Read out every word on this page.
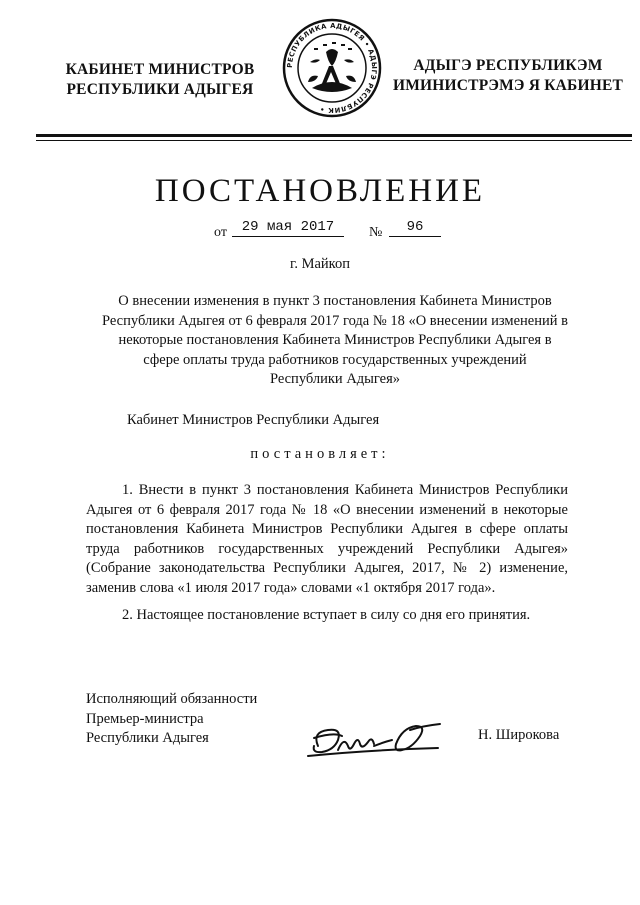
КАБИНЕТ МИНИСТРОВ
РЕСПУБЛИКИ АДЫГЕЯ
РЕСПУБЛИКА АДЫГЕЯ • АДЫГЭ РЕСПУБЛИК •
АДЫГЭ РЕСПУБЛИКЭМ
ИМИНИСТРЭМЭ Я КАБИНЕТ
ПОСТАНОВЛЕНИЕ
от	29 мая 2017	№	96
г. Майкоп
О внесении изменения в пункт 3 постановления Кабинета Министров
Республики Адыгея от 6 февраля 2017 года № 18 «О внесении изменений в
некоторые постановления Кабинета Министров Республики Адыгея в
сфере оплаты труда работников государственных учреждений
Республики Адыгея»
Кабинет Министров Республики Адыгея
постановляет:
1. Внести в пункт 3 постановления Кабинета Министров Республики Адыгея от 6 февраля 2017 года № 18 «О внесении изменений в некоторые постановления Кабинета Министров Республики Адыгея в сфере оплаты труда работников государственных учреждений Республики Адыгея» (Собрание законодательства Республики Адыгея, 2017, № 2) изменение, заменив слова «1 июля 2017 года» словами «1 октября 2017 года».
2. Настоящее постановление вступает в силу со дня его принятия.
Исполняющий обязанности
Премьер-министра
Республики Адыгея	Н. Широкова
